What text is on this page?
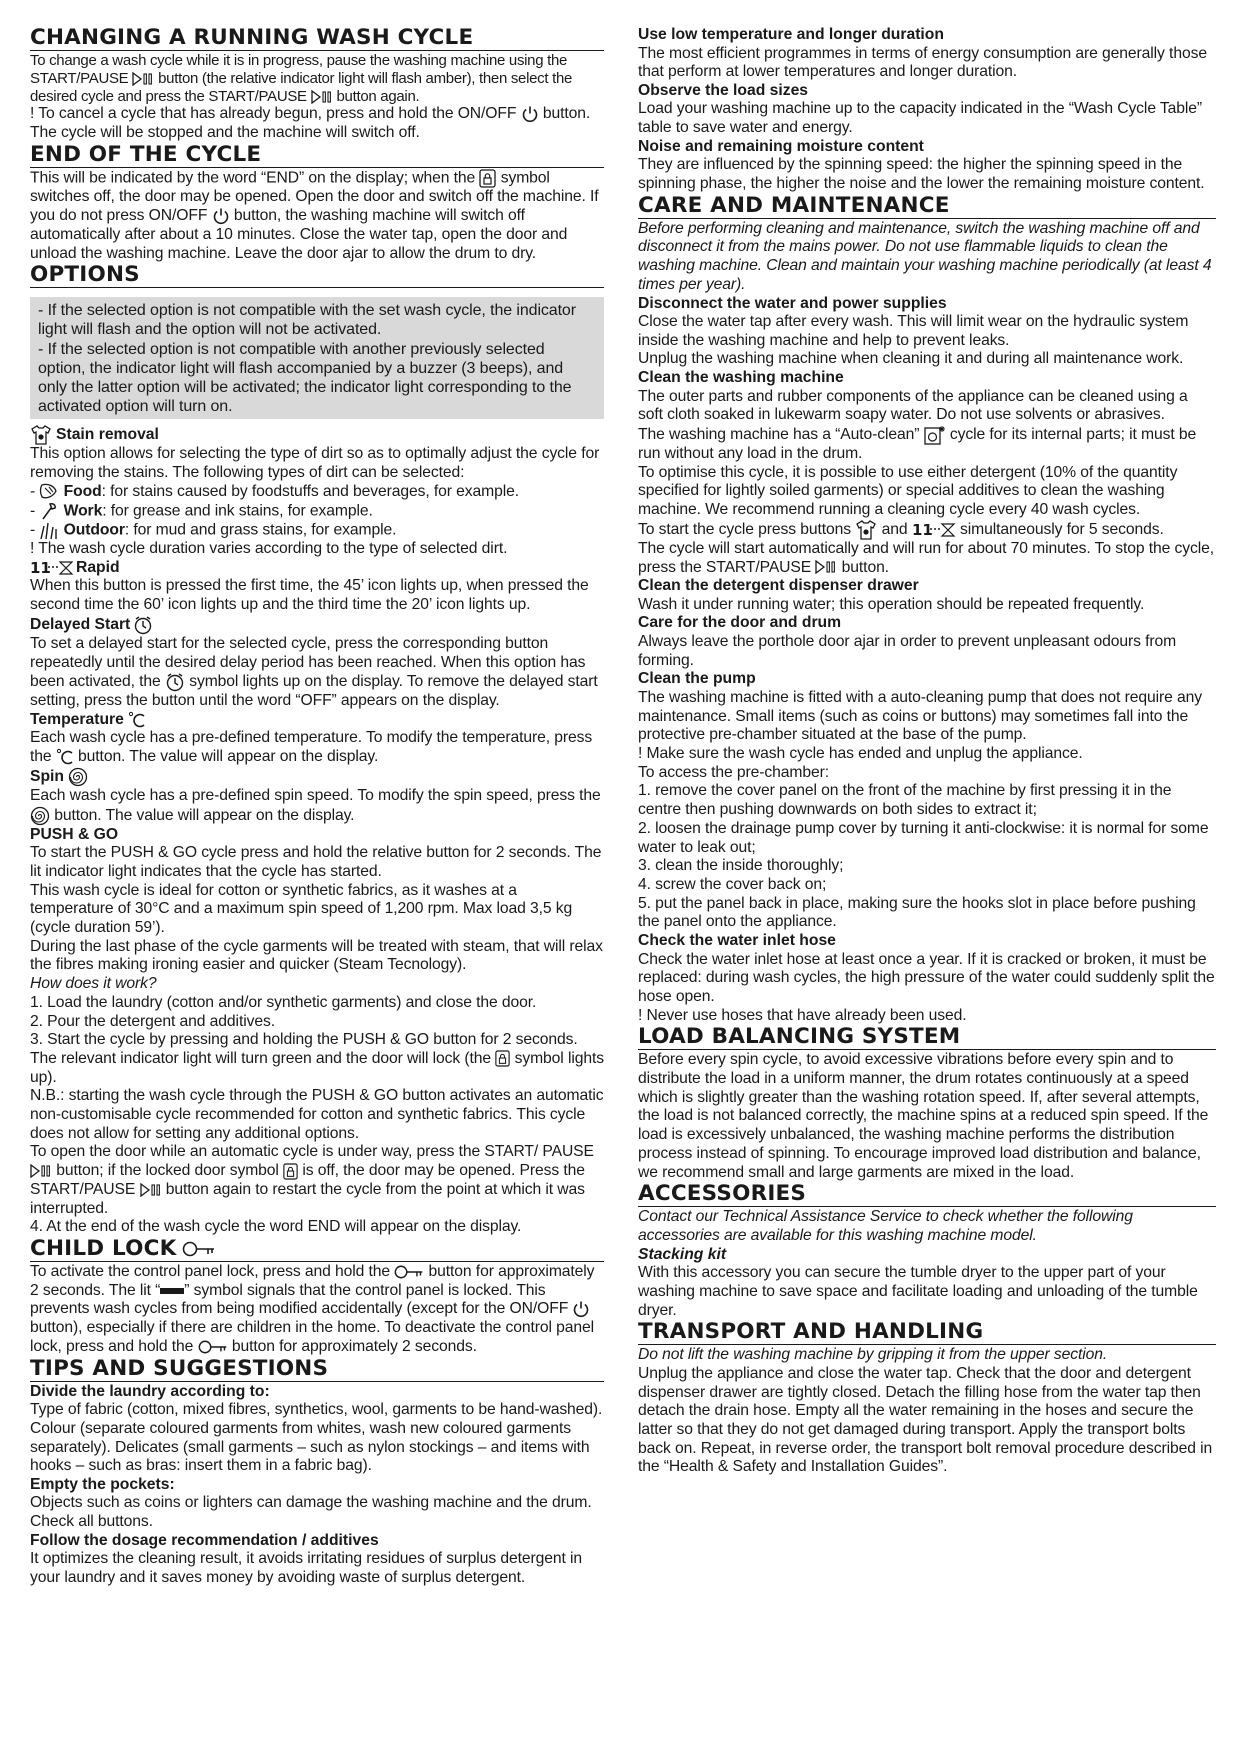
CHANGING A RUNNING WASH CYCLE

To change a wash cycle while it is in progress, pause the washing machine using the START/PAUSE button (the relative indicator light will flash amber), then select the desired cycle and press the START/PAUSE button again.

! To cancel a cycle that has already begun, press and hold the ON/OFF button. The cycle will be stopped and the machine will switch off.

END OF THE CYCLE

This will be indicated by the word “END” on the display; when the symbol switches off, the door may be opened. Open the door and switch off the machine. If you do not press ON/OFF button, the washing machine will switch off automatically after about a 10 minutes. Close the water tap, open the door and unload the washing machine. Leave the door ajar to allow the drum to dry.

OPTIONS

- If the selected option is not compatible with the set wash cycle, the indicator light will flash and the option will not be activated.

- If the selected option is not compatible with another previously selected option, the indicator light will flash accompanied by a buzzer (3 beeps), and only the latter option will be activated; the indicator light corresponding to the activated option will turn on.

Stain removal

This option allows for selecting the type of dirt so as to optimally adjust the cycle for removing the stains. The following types of dirt can be selected:

-
Food: for stains caused by foodstuffs and beverages, for example.

-
Work: for grease and ink stains, for example.

-
Outdoor: for mud and grass stains, for example.

! The wash cycle duration varies according to the type of selected dirt.

11 Rapid

When this button is pressed the first time, the 45’ icon lights up, when pressed the second time the 60’ icon lights up and the third time the 20’ icon lights up.

Delayed Start

To set a delayed start for the selected cycle, press the corresponding button repeatedly until the desired delay period has been reached. When this option has been activated, the symbol lights up on the display. To remove the delayed start setting, press the button until the word “OFF” appears on the display.

Temperature

Each wash cycle has a pre-defined temperature. To modify the temperature, press the button. The value will appear on the display.

Spin

Each wash cycle has a pre-defined spin speed. To modify the spin speed, press the
button. The value will appear on the display.

PUSH & GO

To start the PUSH & GO cycle press and hold the relative button for 2 seconds. The lit indicator light indicates that the cycle has started.

This wash cycle is ideal for cotton or synthetic fabrics, as it washes at a temperature of 30°C and a maximum spin speed of 1,200 rpm. Max load 3,5 kg (cycle duration 59’).

During the last phase of the cycle garments will be treated with steam, that will relax the fibres making ironing easier and quicker (Steam Tecnology).

How does it work?

1. Load the laundry (cotton and/or synthetic garments) and close the door.

2. Pour the detergent and additives.

3. Start the cycle by pressing and holding the PUSH & GO button for 2 seconds. The relevant indicator light will turn green and the door will lock (the symbol lights up).

N.B.: starting the wash cycle through the PUSH & GO button activates an automatic non-customisable cycle recommended for cotton and synthetic fabrics. This cycle does not allow for setting any additional options.

To open the door while an automatic cycle is under way, press the START/ PAUSE
button; if the locked door symbol is off, the door may be opened. Press the START/PAUSE button again to restart the cycle from the point at which it was interrupted.

4. At the end of the wash cycle the word END will appear on the display.

CHILD LOCK

To activate the control panel lock, press and hold the button for approximately 2 seconds. The lit “ ” symbol signals that the control panel is locked. This prevents wash cycles from being modified accidentally (except for the ON/OFF
button), especially if there are children in the home. To deactivate the control panel lock, press and hold the button for approximately 2 seconds.

TIPS AND SUGGESTIONS
Divide the laundry according to:

Type of fabric (cotton, mixed fibres, synthetics, wool, garments to be hand-washed). Colour (separate coloured garments from whites, wash new coloured garments separately). Delicates (small garments – such as nylon stockings – and items with hooks – such as bras: insert them in a fabric bag).

Empty the pockets:

Objects such as coins or lighters can damage the washing machine and the drum. Check all buttons.

Follow the dosage recommendation / additives

It optimizes the cleaning result, it avoids irritating residues of surplus detergent in your laundry and it saves money by avoiding waste of surplus detergent.

Use low temperature and longer duration

The most efficient programmes in terms of energy consumption are generally those that perform at lower temperatures and longer duration.

Observe the load sizes

Load your washing machine up to the capacity indicated in the “Wash Cycle Table” table to save water and energy.

Noise and remaining moisture content

They are influenced by the spinning speed: the higher the spinning speed in the spinning phase, the higher the noise and the lower the remaining moisture content.

CARE AND MAINTENANCE

Before performing cleaning and maintenance, switch the washing machine off and disconnect it from the mains power. Do not use flammable liquids to clean the washing machine. Clean and maintain your washing machine periodically (at least 4 times per year).

Disconnect the water and power supplies

Close the water tap after every wash. This will limit wear on the hydraulic system inside the washing machine and help to prevent leaks.

Unplug the washing machine when cleaning it and during all maintenance work.

Clean the washing machine

The outer parts and rubber components of the appliance can be cleaned using a soft cloth soaked in lukewarm soapy water. Do not use solvents or abrasives.

The washing machine has a “Auto-clean” cycle for its internal parts; it must be run without any load in the drum.

To optimise this cycle, it is possible to use either detergent (10% of the quantity specified for lightly soiled garments) or special additives to clean the washing machine. We recommend running a cleaning cycle every 40 wash cycles.

To start the cycle press buttons and 11 simultaneously for 5 seconds.

The cycle will start automatically and will run for about 70 minutes. To stop the cycle, press the START/PAUSE button.

Clean the detergent dispenser drawer

Wash it under running water; this operation should be repeated frequently.

Care for the door and drum

Always leave the porthole door ajar in order to prevent unpleasant odours from forming.

Clean the pump

The washing machine is fitted with a auto-cleaning pump that does not require any maintenance. Small items (such as coins or buttons) may sometimes fall into the protective pre-chamber situated at the base of the pump.

! Make sure the wash cycle has ended and unplug the appliance.

To access the pre-chamber:

1. remove the cover panel on the front of the machine by first pressing it in the centre then pushing downwards on both sides to extract it;

2. loosen the drainage pump cover by turning it anti-clockwise: it is normal for some water to leak out;

3. clean the inside thoroughly;

4. screw the cover back on;

5. put the panel back in place, making sure the hooks slot in place before pushing the panel onto the appliance.

Check the water inlet hose

Check the water inlet hose at least once a year. If it is cracked or broken, it must be replaced: during wash cycles, the high pressure of the water could suddenly split the hose open.

! Never use hoses that have already been used.

LOAD BALANCING SYSTEM

Before every spin cycle, to avoid excessive vibrations before every spin and to distribute the load in a uniform manner, the drum rotates continuously at a speed which is slightly greater than the washing rotation speed. If, after several attempts, the load is not balanced correctly, the machine spins at a reduced spin speed. If the load is excessively unbalanced, the washing machine performs the distribution process instead of spinning. To encourage improved load distribution and balance, we recommend small and large garments are mixed in the load.

ACCESSORIES

Contact our Technical Assistance Service to check whether the following accessories are available for this washing machine model.

Stacking kit

With this accessory you can secure the tumble dryer to the upper part of your washing machine to save space and facilitate loading and unloading of the tumble dryer.

TRANSPORT AND HANDLING

Do not lift the washing machine by gripping it from the upper section.

Unplug the appliance and close the water tap. Check that the door and detergent dispenser drawer are tightly closed. Detach the filling hose from the water tap then detach the drain hose. Empty all the water remaining in the hoses and secure the latter so that they do not get damaged during transport. Apply the transport bolts back on. Repeat, in reverse order, the transport bolt removal procedure described in the “Health & Safety and Installation Guides”.
